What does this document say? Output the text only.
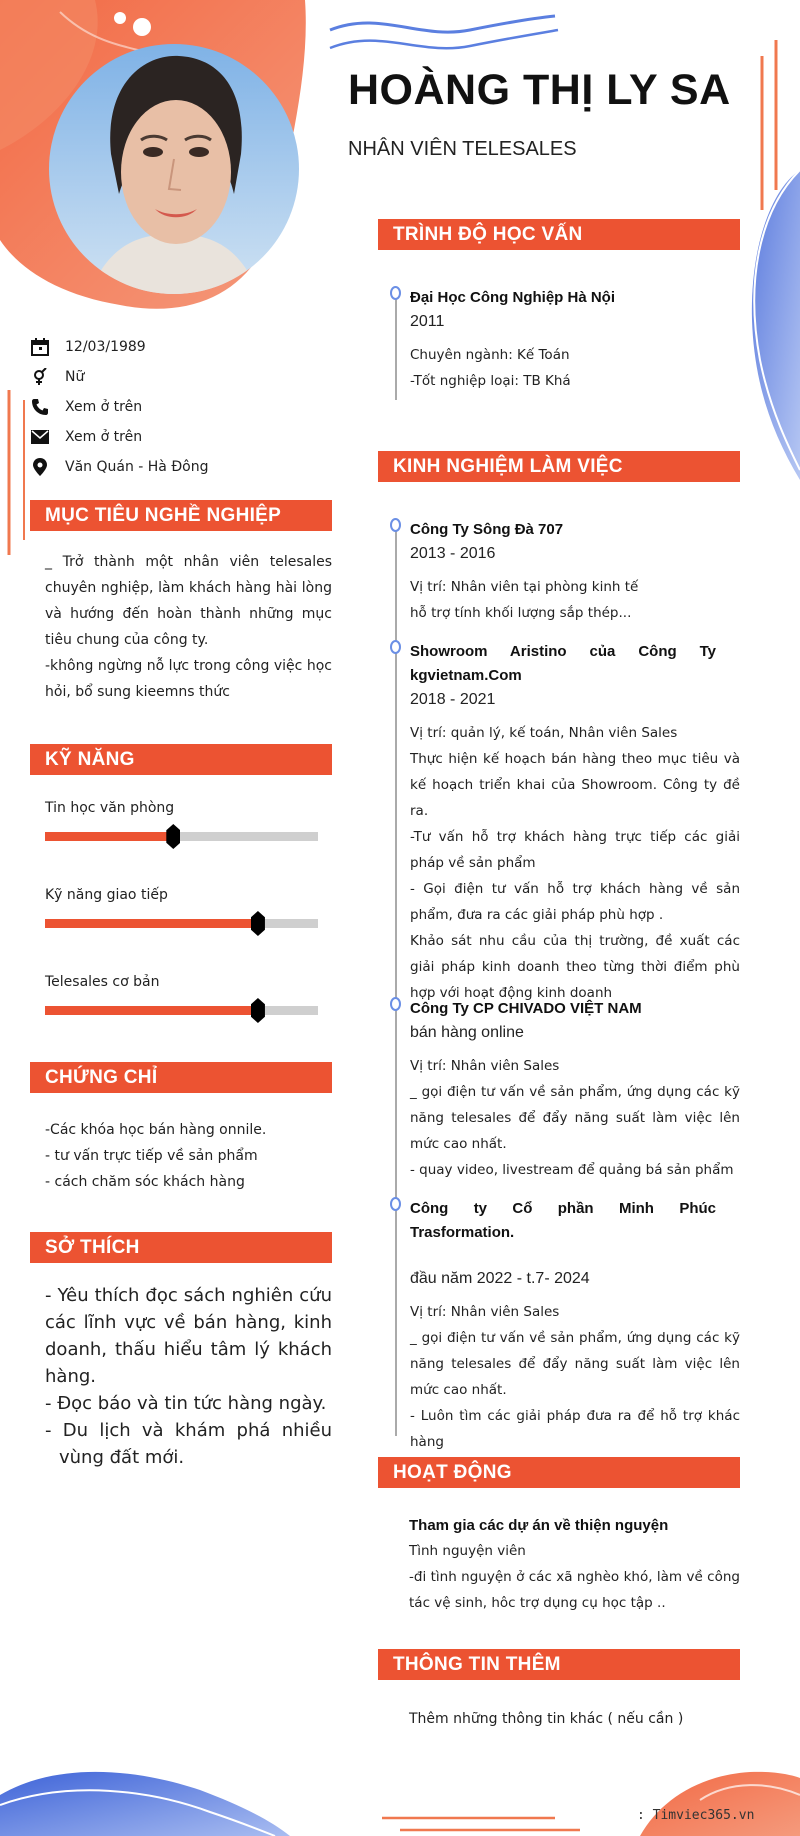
HOÀNG THỊ LY SA
NHÂN VIÊN TELESALES
12/03/1989
Nữ
Xem ở trên
Xem ở trên
Văn Quán - Hà Đông
MỤC TIÊU NGHỀ NGHIỆP
_ Trở thành một nhân viên telesales chuyên nghiệp, làm khách hàng hài lòng và hướng đến hoàn thành những mục tiêu chung của công ty.
-không ngừng nỗ lực trong công việc học hỏi, bổ sung kieemns thức
KỸ NĂNG
Tin học văn phòng
Kỹ năng giao tiếp
Telesales cơ bản
CHỨNG CHỈ
-Các khóa học bán hàng onnile.
- tư vấn trực tiếp về sản phẩm
- cách chăm sóc khách hàng
SỞ THÍCH
- Yêu thích đọc sách nghiên cứu các lĩnh vực về bán hàng, kinh doanh, thấu hiểu tâm lý khách hàng.
- Đọc báo và tin tức hàng ngày.
- Du lịch và khám phá nhiều vùng đất mới.
TRÌNH ĐỘ HỌC VẤN
Đại Học Công Nghiệp Hà Nội
2011
Chuyên ngành: Kế Toán
-Tốt nghiệp loại: TB Khá
KINH NGHIỆM LÀM VIỆC
Công Ty Sông Đà 707
2013 - 2016
Vị trí: Nhân viên tại phòng kinh tế
hỗ trợ tính khối lượng sắp thép...
Showroom Aristino của Công Ty kgvietnam.Com
2018 - 2021
Vị trí: quản lý, kế toán, Nhân viên Sales
Thực hiện kế hoạch bán hàng theo mục tiêu và kế hoạch triển khai của Showroom. Công ty đề ra.
-Tư vấn hỗ trợ khách hàng trực tiếp các giải pháp về sản phẩm
- Gọi điện tư vấn hỗ trợ khách hàng về sản phẩm, đưa ra các giải pháp phù hợp .
Khảo sát nhu cầu của thị trường, đề xuất các giải pháp kinh doanh theo từng thời điểm phù hợp với hoạt động kinh doanh
Công Ty CP CHIVADO VIỆT NAM
bán hàng online
Vị trí: Nhân viên Sales
_ gọi điện tư vấn về sản phẩm, ứng dụng các kỹ năng telesales để đẩy năng suất làm việc lên mức cao nhất.
- quay video, livestream để quảng bá sản phẩm
Công ty Cổ phần Minh Phúc Trasformation.
đầu năm 2022 - t.7- 2024
Vị trí: Nhân viên Sales
_ gọi điện tư vấn về sản phẩm, ứng dụng các kỹ năng telesales để đẩy năng suất làm việc lên mức cao nhất.
- Luôn tìm các giải pháp đưa ra để hỗ trợ khác hàng
HOẠT ĐỘNG
Tham gia các dự án về thiện nguyện
Tình nguyện viên
-đi tình nguyện ở các xã nghèo khó, làm về công tác vệ sinh, hôc trợ dụng cụ học tập ..
THÔNG TIN THÊM
Thêm những thông tin khác ( nếu cần )
: Timviec365.vn
